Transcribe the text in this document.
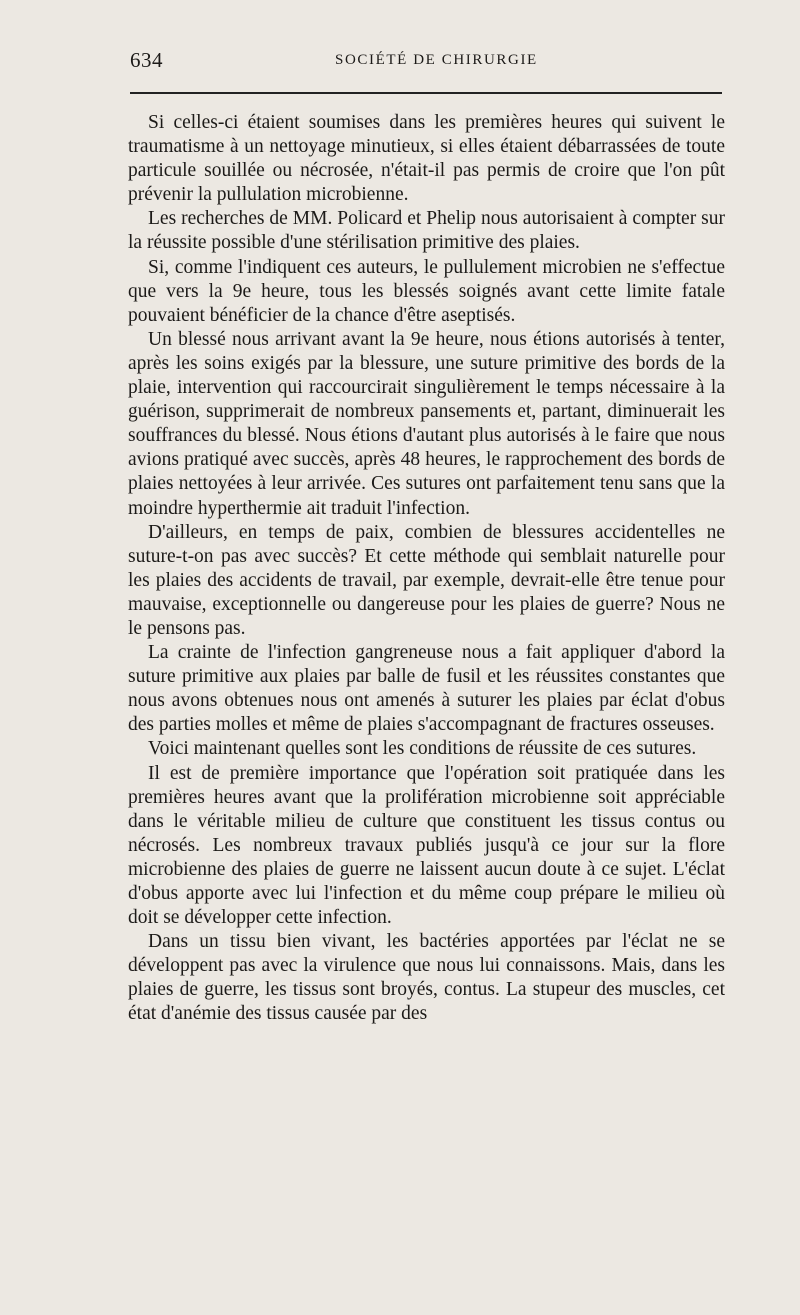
634	SOCIÉTÉ DE CHIRURGIE

Si celles-ci étaient soumises dans les premières heures qui suivent le traumatisme à un nettoyage minutieux, si elles étaient débarrassées de toute particule souillée ou nécrosée, n'était-il pas permis de croire que l'on pût prévenir la pullulation microbienne.

Les recherches de MM. Policard et Phelip nous autorisaient à compter sur la réussite possible d'une stérilisation primitive des plaies.

Si, comme l'indiquent ces auteurs, le pullulement microbien ne s'effectue que vers la 9e heure, tous les blessés soignés avant cette limite fatale pouvaient bénéficier de la chance d'être aseptisés.

Un blessé nous arrivant avant la 9e heure, nous étions autorisés à tenter, après les soins exigés par la blessure, une suture primitive des bords de la plaie, intervention qui raccourcirait singulièrement le temps nécessaire à la guérison, supprimerait de nombreux pansements et, partant, diminuerait les souffrances du blessé. Nous étions d'autant plus autorisés à le faire que nous avions pratiqué avec succès, après 48 heures, le rapprochement des bords de plaies nettoyées à leur arrivée. Ces sutures ont parfaitement tenu sans que la moindre hyperthermie ait traduit l'infection.

D'ailleurs, en temps de paix, combien de blessures accidentelles ne suture-t-on pas avec succès? Et cette méthode qui semblait naturelle pour les plaies des accidents de travail, par exemple, devrait-elle être tenue pour mauvaise, exceptionnelle ou dangereuse pour les plaies de guerre? Nous ne le pensons pas.

La crainte de l'infection gangreneuse nous a fait appliquer d'abord la suture primitive aux plaies par balle de fusil et les réussites constantes que nous avons obtenues nous ont amenés à suturer les plaies par éclat d'obus des parties molles et même de plaies s'accompagnant de fractures osseuses.

Voici maintenant quelles sont les conditions de réussite de ces sutures.

Il est de première importance que l'opération soit pratiquée dans les premières heures avant que la prolifération microbienne soit appréciable dans le véritable milieu de culture que constituent les tissus contus ou nécrosés. Les nombreux travaux publiés jusqu'à ce jour sur la flore microbienne des plaies de guerre ne laissent aucun doute à ce sujet. L'éclat d'obus apporte avec lui l'infection et du même coup prépare le milieu où doit se développer cette infection.

Dans un tissu bien vivant, les bactéries apportées par l'éclat ne se développent pas avec la virulence que nous lui connaissons. Mais, dans les plaies de guerre, les tissus sont broyés, contus. La stupeur des muscles, cet état d'anémie des tissus causée par des
